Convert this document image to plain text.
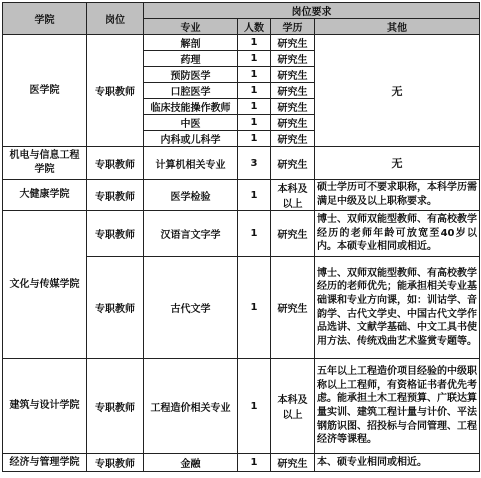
学院	岗位	岗位要求			
		专业	人数	学历	其他
医学院	专职教师	解剖	1	研究生	无
		药理	1	研究生	
		预防医学	1	研究生	
		口腔医学	1	研究生	
		临床技能操作教师	1	研究生	
		中医	1	研究生	
		内科或儿科学	1	研究生	
机电与信息工程学院	专职教师	计算机相关专业	3	研究生	无
大健康学院	专职教师	医学检验	1	本科及以上	硕士学历可不要求职称，本科学历需满足中级及以上职称要求。
文化与传媒学院	专职教师	汉语言文字学	1	研究生	博士、双师双能型教师、有高校教学经历的老师年龄可放宽至40岁以内。本硕专业相同或相近。
	专职教师	古代文学	1	研究生	博士、双师双能型教师、有高校教学经历的老师优先；能承担相关专业基础课和专业方向课，如：训诂学、音韵学、古代文学史、中国古代文学作品选讲、文献学基础、中文工具书使用方法、传统戏曲艺术鉴赏专题等。
建筑与设计学院	专职教师	工程造价相关专业	1	本科及以上	五年以上工程造价项目经验的中级职称以上工程师，有资格证书者优先考虑。能承担土木工程预算、广联达算量实训、建筑工程计量与计价、平法钢筋识图、招投标与合同管理、工程经济等课程。
经济与管理学院	专职教师	金融	1	研究生	本、硕专业相同或相近。
